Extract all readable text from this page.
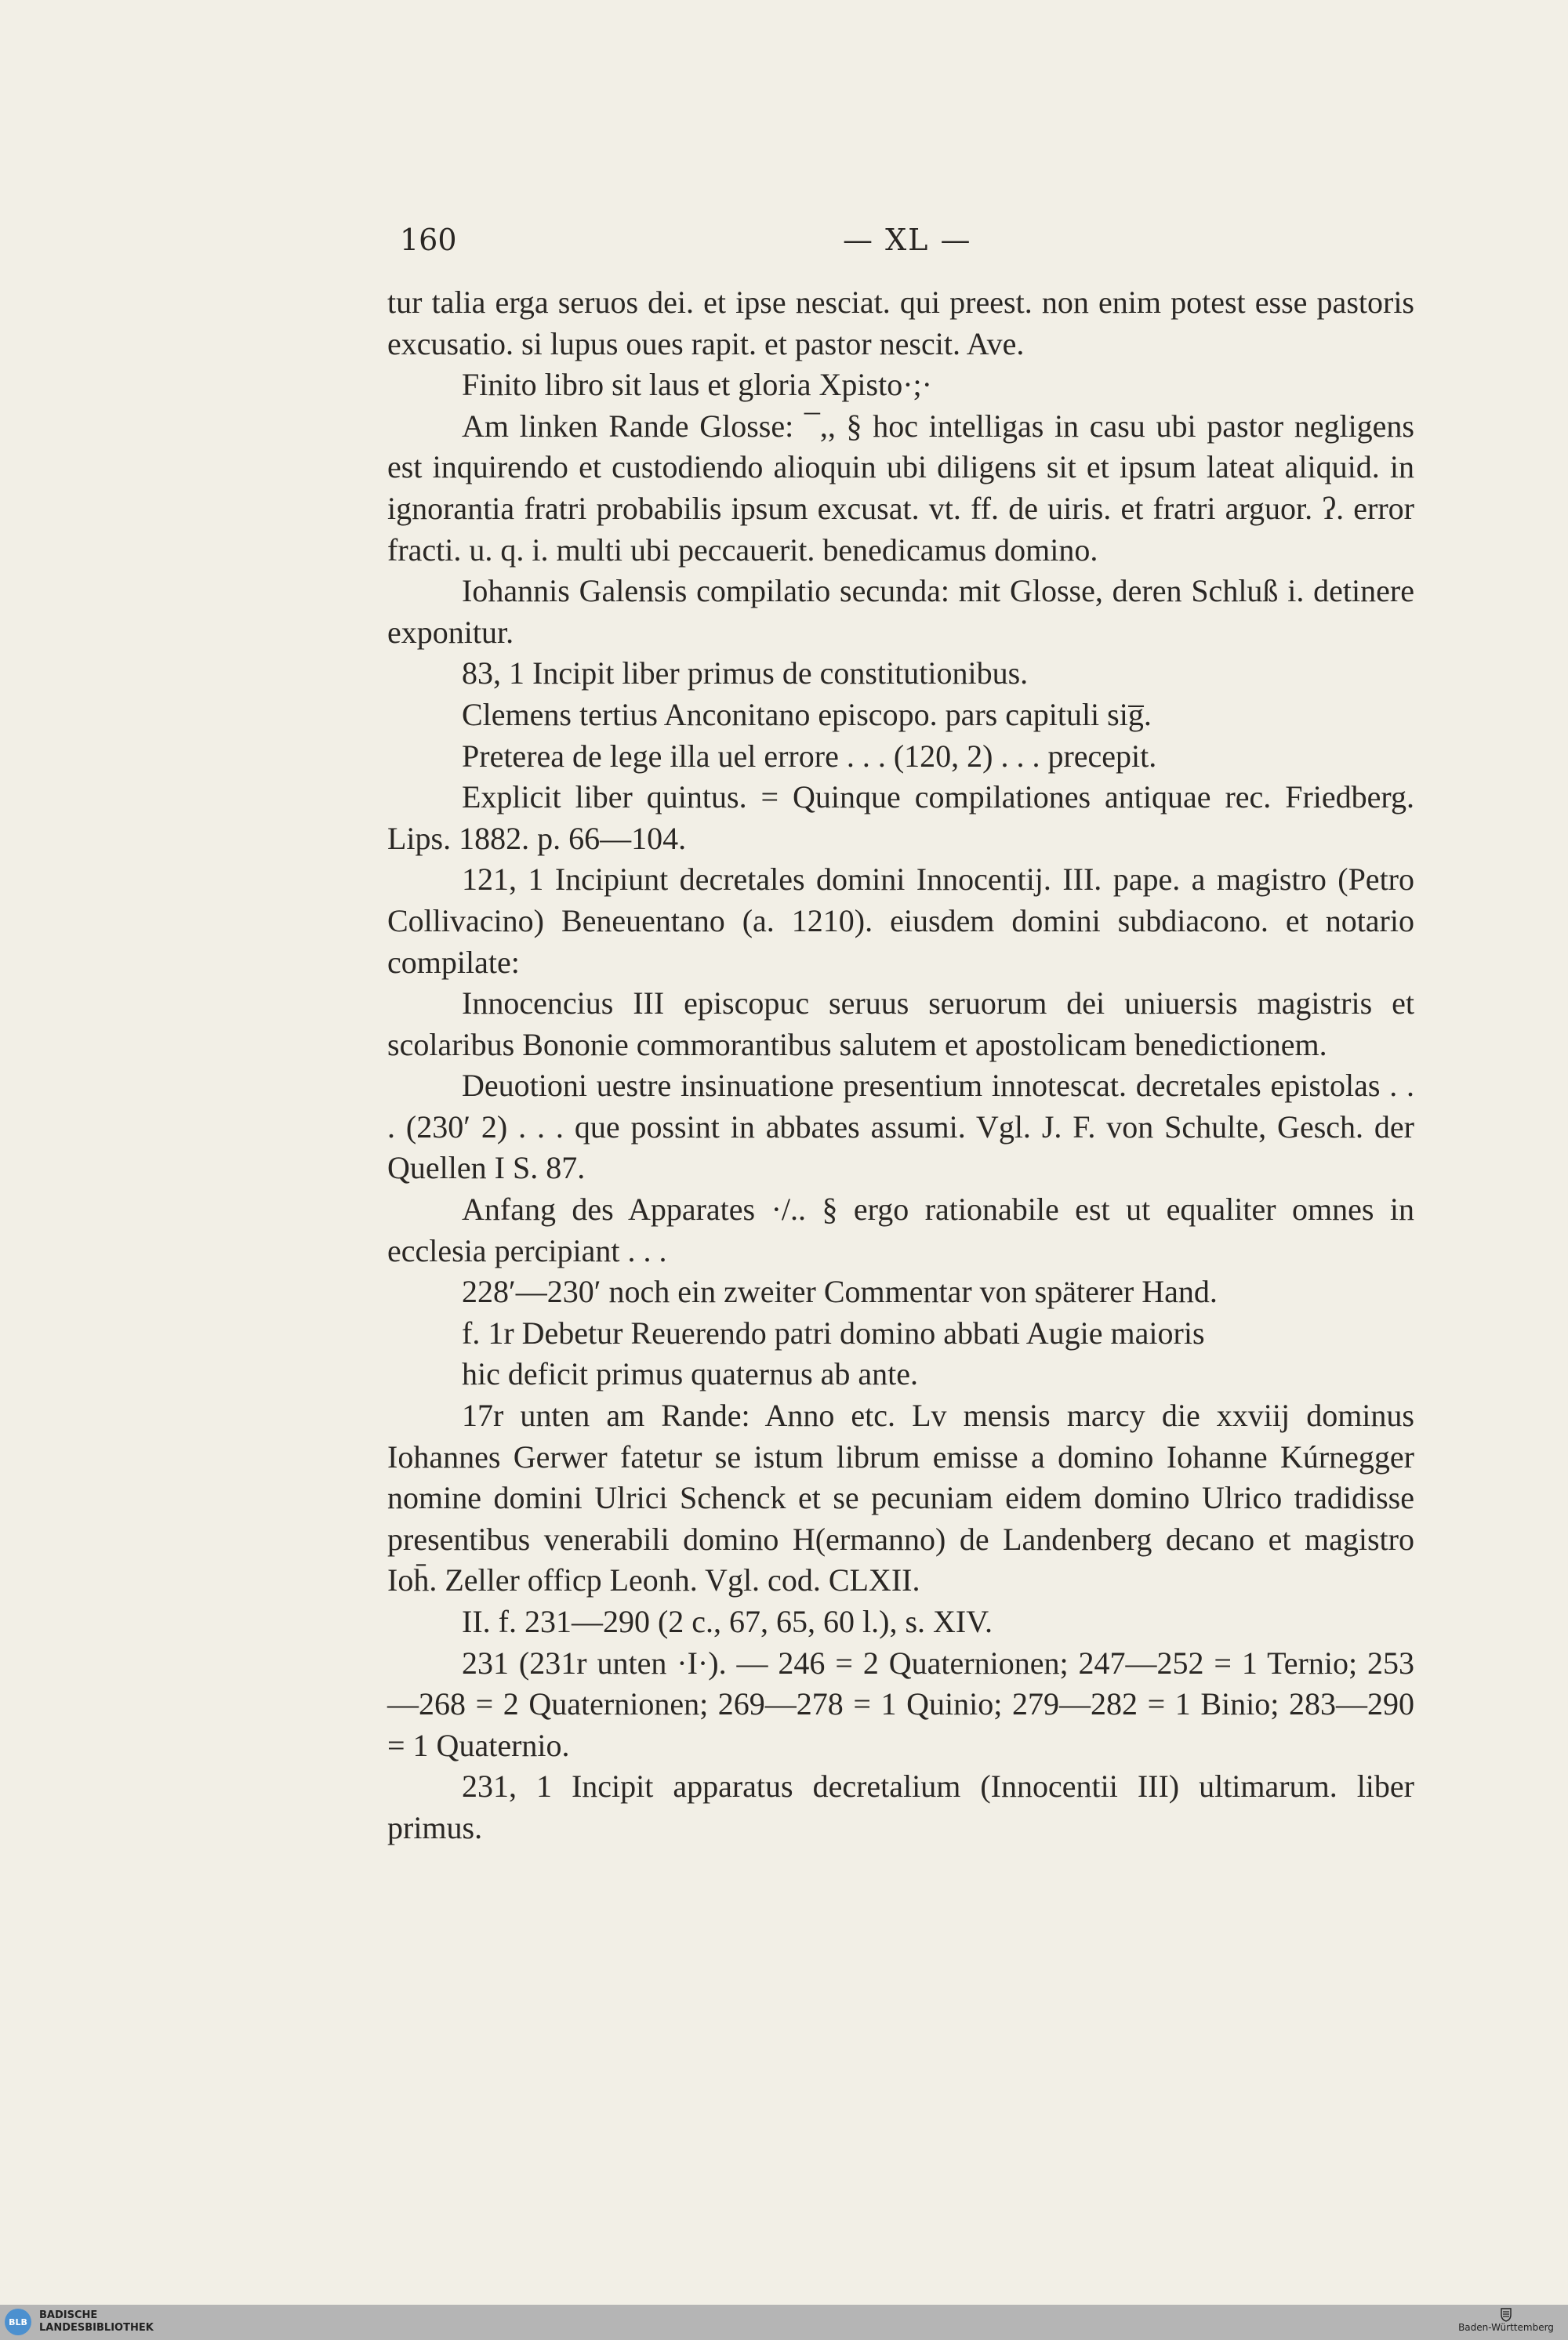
160	— XL —

tur talia erga seruos dei. et ipse nesciat. qui preest. non enim potest esse pastoris excusatio. si lupus oues rapit. et pastor nescit. Ave.

Finito libro sit laus et gloria Xpisto·;·

Am linken Rande Glosse: ¯,, § hoc intelligas in casu ubi pastor negligens est inquirendo et custodiendo alioquin ubi diligens sit et ipsum lateat aliquid. in ignorantia fratri probabilis ipsum excusat. vt. ff. de uiris. et fratri arguor. ʔ. error fracti. u. q. i. multi ubi peccauerit. benedicamus domino.

Iohannis Galensis compilatio secunda: mit Glosse, deren Schluß i. detinere exponitur.

83, 1 Incipit liber primus de constitutionibus.

Clemens tertius Anconitano episcopo. pars capituli sig̅.

Preterea de lege illa uel errore . . . (120, 2) . . . precepit.

Explicit liber quintus. = Quinque compilationes antiquae rec. Friedberg. Lips. 1882. p. 66—104.

121, 1 Incipiunt decretales domini Innocentij. III. pape. a magistro (Petro Collivacino) Beneuentano (a. 1210). eiusdem domini subdiacono. et notario compilate:

Innocencius III episcopuc seruus seruorum dei uniuersis magistris et scolaribus Bononie commorantibus salutem et apostolicam benedictionem.

Deuotioni uestre insinuatione presentium innotescat. decretales epistolas . . . (230′ 2) . . . que possint in abbates assumi. Vgl. J. F. von Schulte, Gesch. der Quellen I S. 87.

Anfang des Apparates ·/.. § ergo rationabile est ut equaliter omnes in ecclesia percipiant . . .

228′—230′ noch ein zweiter Commentar von späterer Hand.

f. 1r Debetur Reuerendo patri domino abbati Augie maioris

hic deficit primus quaternus ab ante.

17r unten am Rande: Anno etc. Lv mensis marcy die xxviij dominus Iohannes Gerwer fatetur se istum librum emisse a domino Iohanne Kúrnegger nomine domini Ulrici Schenck et se pecuniam eidem domino Ulrico tradidisse presentibus venerabili domino H(ermanno) de Landenberg decano et magistro Ioh̄. Zeller officp Leonh. Vgl. cod. CLXII.

II. f. 231—290 (2 c., 67, 65, 60 l.), s. XIV.

231 (231r unten ·I·). — 246 = 2 Quaternionen; 247—252 = 1 Ternio; 253—268 = 2 Quaternionen; 269—278 = 1 Quinio; 279—282 = 1 Binio; 283—290 = 1 Quaternio.

231, 1 Incipit apparatus decretalium (Innocentii III) ultimarum. liber primus.

BLB
BADISCHE
LANDESBIBLIOTHEK	Baden-Württemberg
